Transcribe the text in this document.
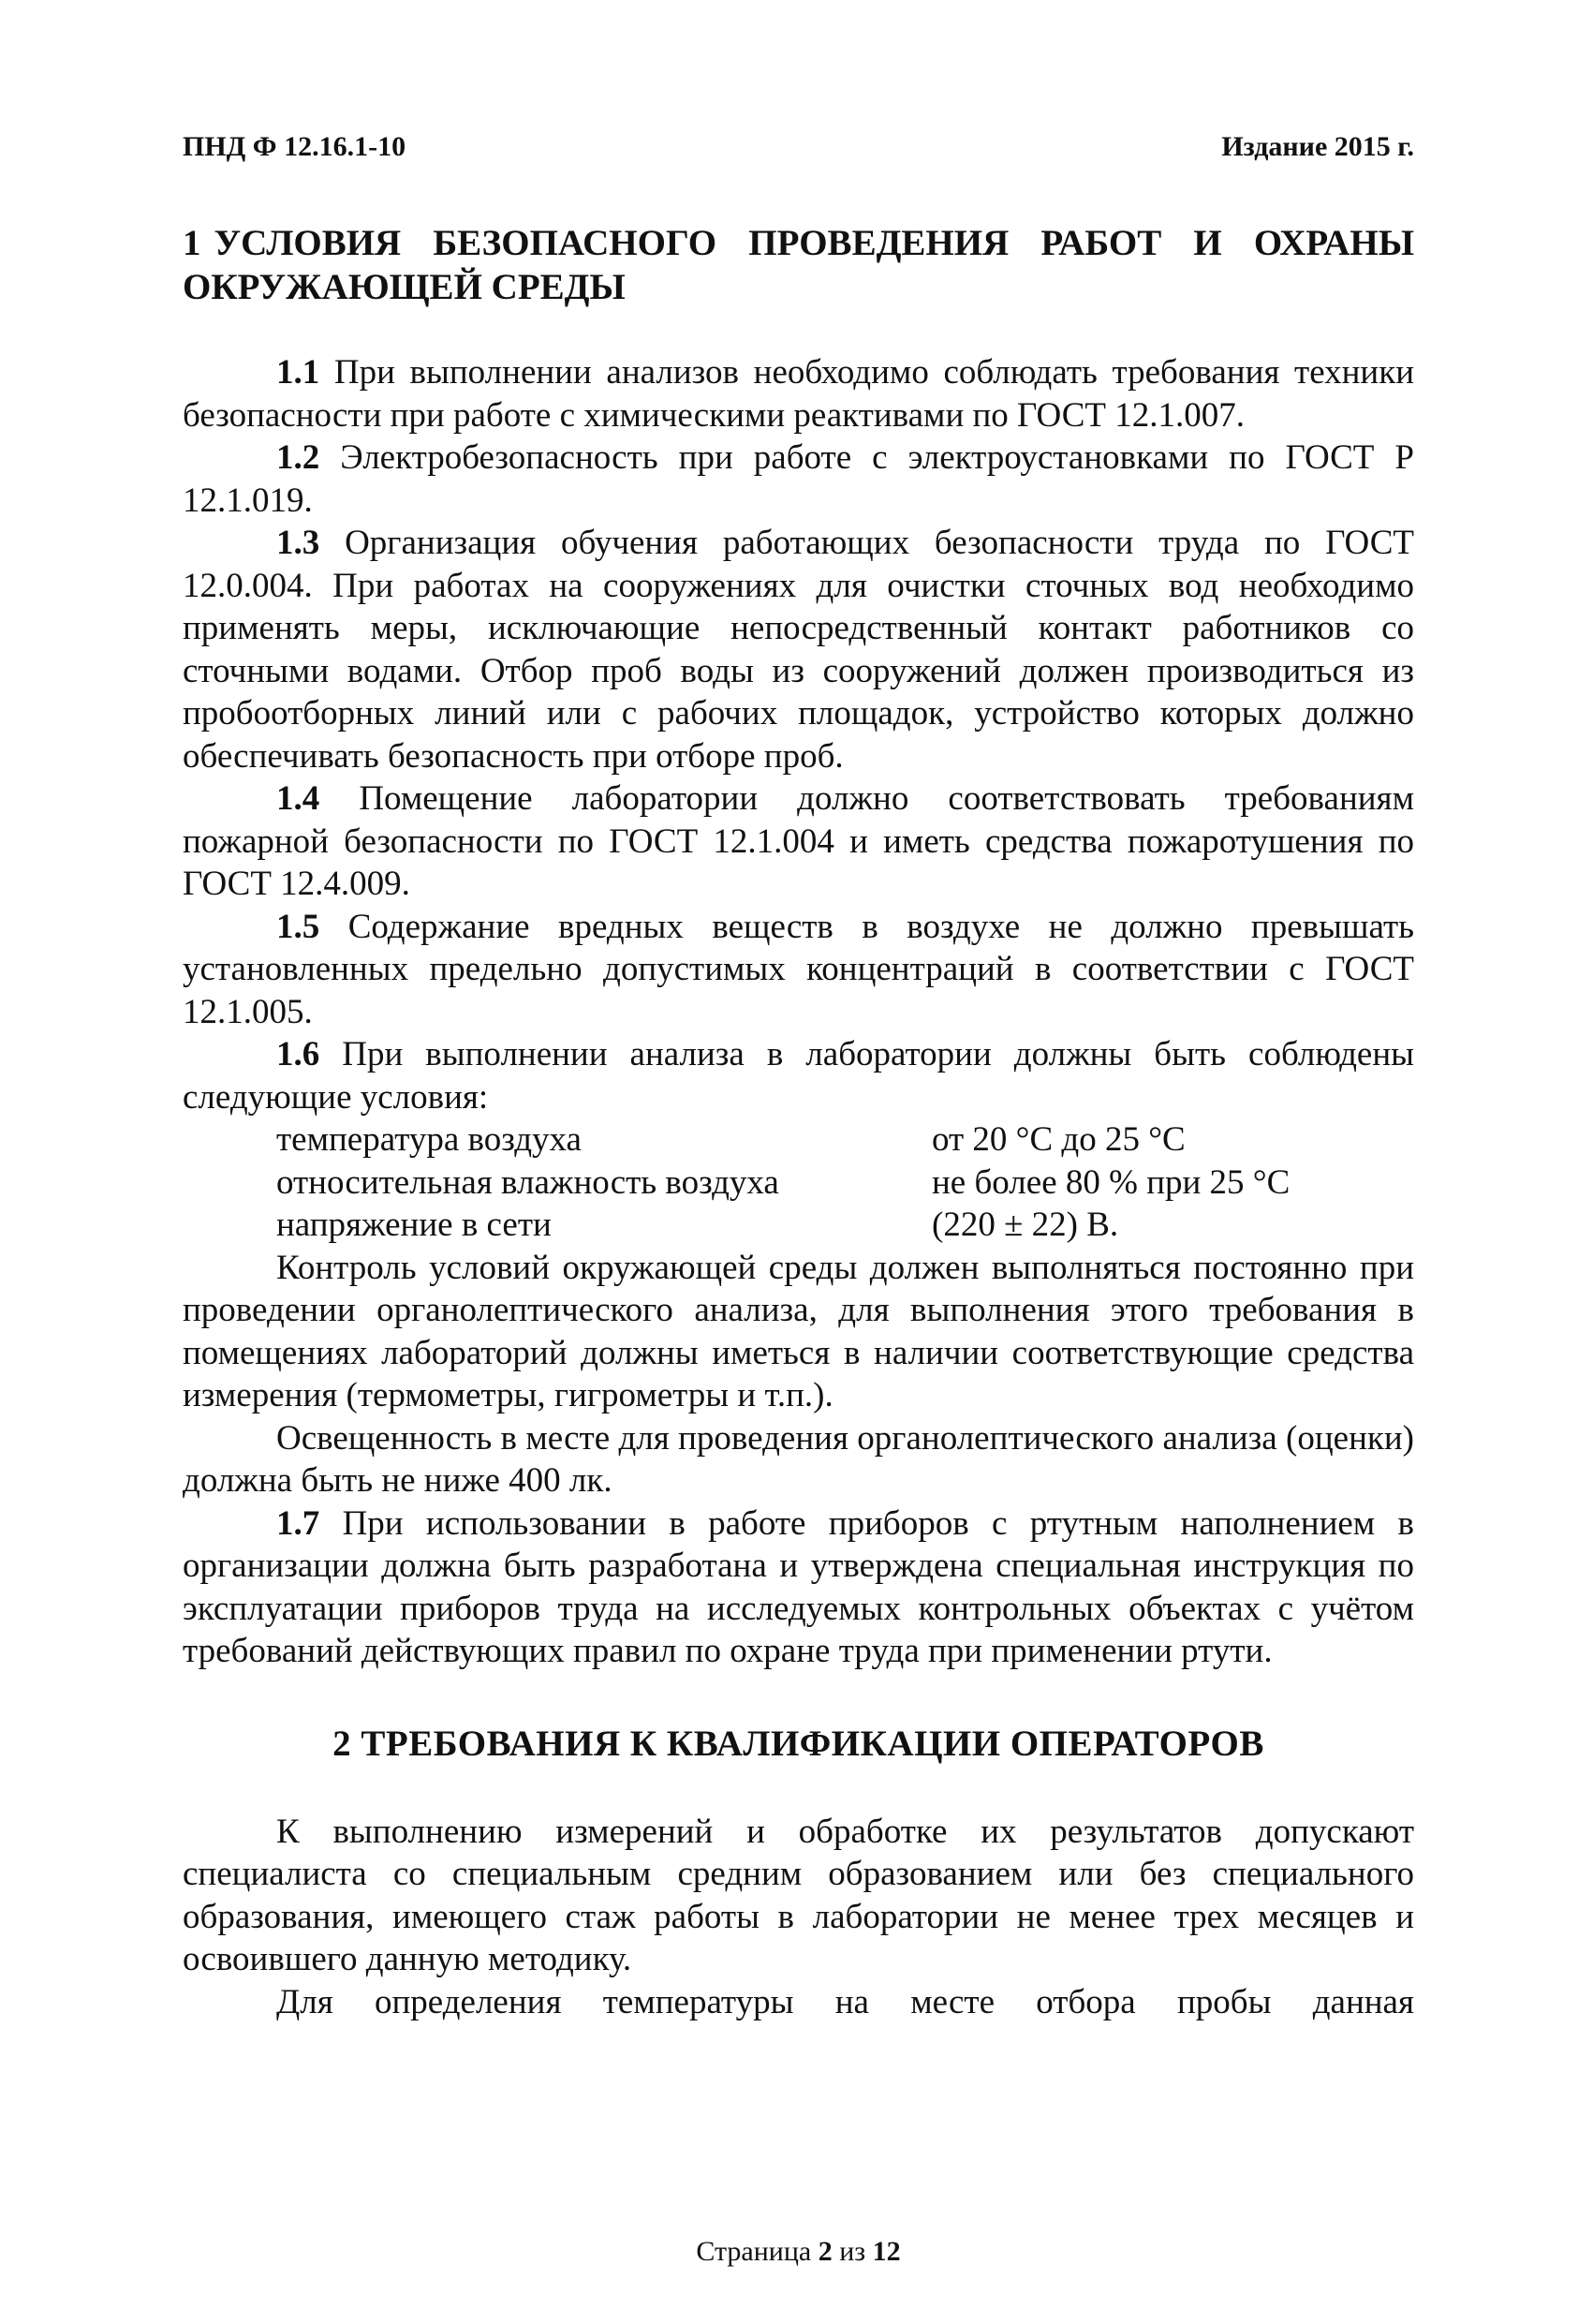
ПНД Ф 12.16.1-10	Издание 2015 г.

1 УСЛОВИЯ БЕЗОПАСНОГО ПРОВЕДЕНИЯ РАБОТ И ОХРАНЫ ОКРУЖАЮЩЕЙ СРЕДЫ

1.1 При выполнении анализов необходимо соблюдать требования техники безопасности при работе с химическими реактивами по ГОСТ 12.1.007.

1.2 Электробезопасность при работе с электроустановками по ГОСТ Р 12.1.019.

1.3 Организация обучения работающих безопасности труда по ГОСТ 12.0.004. При работах на сооружениях для очистки сточных вод необходимо применять меры, исключающие непосредственный контакт работников со сточными водами. Отбор проб воды из сооружений должен производиться из пробоотборных линий или с рабочих площадок, устройство которых должно обеспечивать безопасность при отборе проб.

1.4 Помещение лаборатории должно соответствовать требованиям пожарной безопасности по ГОСТ 12.1.004 и иметь средства пожаротушения по ГОСТ 12.4.009.

1.5 Содержание вредных веществ в воздухе не должно превышать установленных предельно допустимых концентраций в соответствии с ГОСТ 12.1.005.

1.6 При выполнении анализа в лаборатории должны быть соблюдены следующие условия:

температура воздуха	от 20 °С до 25 °С
относительная влажность воздуха	не более 80 % при 25 °С
напряжение в сети	(220 ± 22) В.

Контроль условий окружающей среды должен выполняться постоянно при проведении органолептического анализа, для выполнения этого требования в помещениях лабораторий должны иметься в наличии соответствующие средства измерения (термометры, гигрометры и т.п.).

Освещенность в месте для проведения органолептического анализа (оценки) должна быть не ниже 400 лк.

1.7 При использовании в работе приборов с ртутным наполнением в организации должна быть разработана и утверждена специальная инструкция по эксплуатации приборов труда на исследуемых контрольных объектах с учётом требований действующих правил по охране труда при применении ртути.

2 ТРЕБОВАНИЯ К КВАЛИФИКАЦИИ ОПЕРАТОРОВ

К выполнению измерений и обработке их результатов допускают специалиста со специальным средним образованием или без специального образования, имеющего стаж работы в лаборатории не менее трех месяцев и освоившего данную методику.

Для определения температуры на месте отбора пробы данная

Страница 2 из 12
